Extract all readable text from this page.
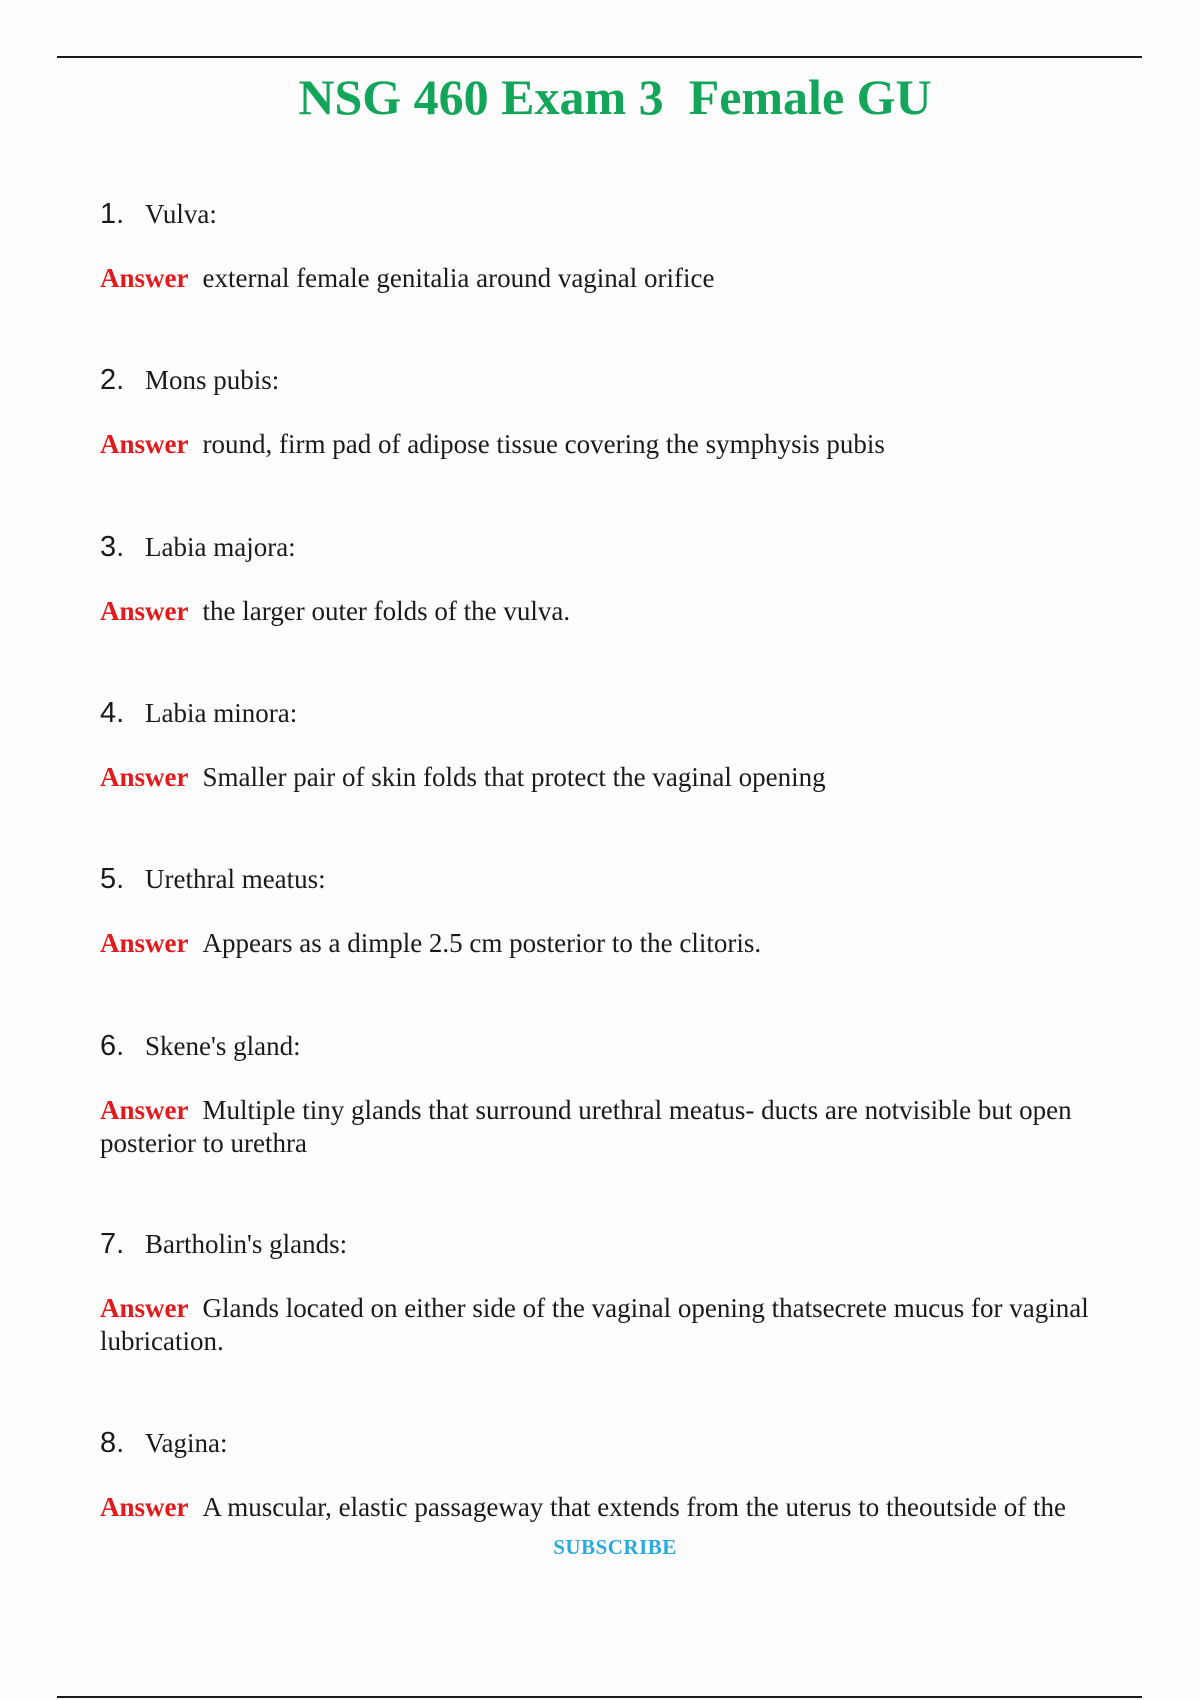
NSG 460 Exam 3  Female GU
1. Vulva:
Answer external female genitalia around vaginal orifice
2. Mons pubis:
Answer round, firm pad of adipose tissue covering the symphysis pubis
3. Labia majora:
Answer the larger outer folds of the vulva.
4. Labia minora:
Answer Smaller pair of skin folds that protect the vaginal opening
5. Urethral meatus:
Answer Appears as a dimple 2.5 cm posterior to the clitoris.
6. Skene's gland:
Answer Multiple tiny glands that surround urethral meatus- ducts are notvisible but open posterior to urethra
7. Bartholin's glands:
Answer Glands located on either side of the vaginal opening thatsecrete mucus for vaginal lubrication.
8. Vagina:
Answer A muscular, elastic passageway that extends from the uterus to theoutside of the
SUBSCRIBE
